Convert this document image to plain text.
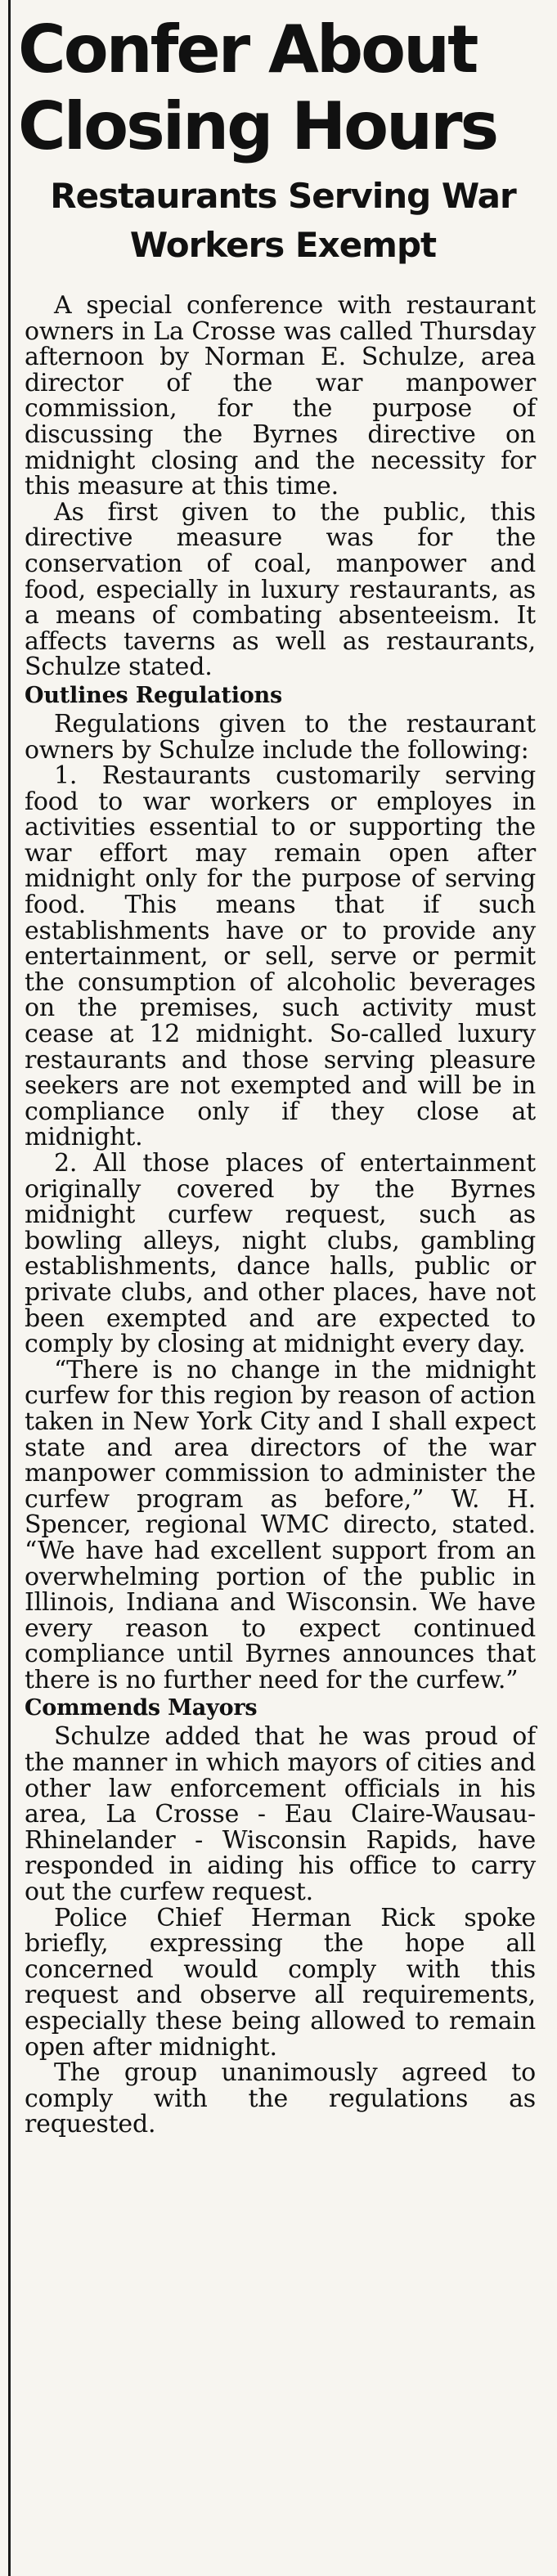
Confer About Closing Hours
Restaurants Serving War Workers Exempt

A special conference with restaurant owners in La Crosse was called Thursday afternoon by Norman E. Schulze, area director of the war manpower commission, for the purpose of discussing the Byrnes directive on midnight closing and the necessity for this measure at this time.

As first given to the public, this directive measure was for the conservation of coal, manpower and food, especially in luxury restaurants, as a means of combating absenteeism. It affects taverns as well as restaurants, Schulze stated.

Outlines Regulations

Regulations given to the restaurant owners by Schulze include the following:

1. Restaurants customarily serving food to war workers or employes in activities essential to or supporting the war effort may remain open after midnight only for the purpose of serving food. This means that if such establishments have or to provide any entertainment, or sell, serve or permit the consumption of alcoholic beverages on the premises, such activity must cease at 12 midnight. So-called luxury restaurants and those serving pleasure seekers are not exempted and will be in compliance only if they close at midnight.

2. All those places of entertainment originally covered by the Byrnes midnight curfew request, such as bowling alleys, night clubs, gambling establishments, dance halls, public or private clubs, and other places, have not been exempted and are expected to comply by closing at midnight every day.

“There is no change in the midnight curfew for this region by reason of action taken in New York City and I shall expect state and area directors of the war manpower commission to administer the curfew program as before,” W. H. Spencer, regional WMC directo, stated. “We have had excellent support from an overwhelming portion of the public in Illinois, Indiana and Wisconsin. We have every reason to expect continued compliance until Byrnes announces that there is no further need for the curfew.”

Commends Mayors

Schulze added that he was proud of the manner in which mayors of cities and other law enforcement officials in his area, La Crosse - Eau Claire-Wausau-Rhinelander - Wisconsin Rapids, have responded in aiding his office to carry out the curfew request.

Police Chief Herman Rick spoke briefly, expressing the hope all concerned would comply with this request and observe all requirements, especially these being allowed to remain open after midnight.

The group unanimously agreed to comply with the regulations as requested.
